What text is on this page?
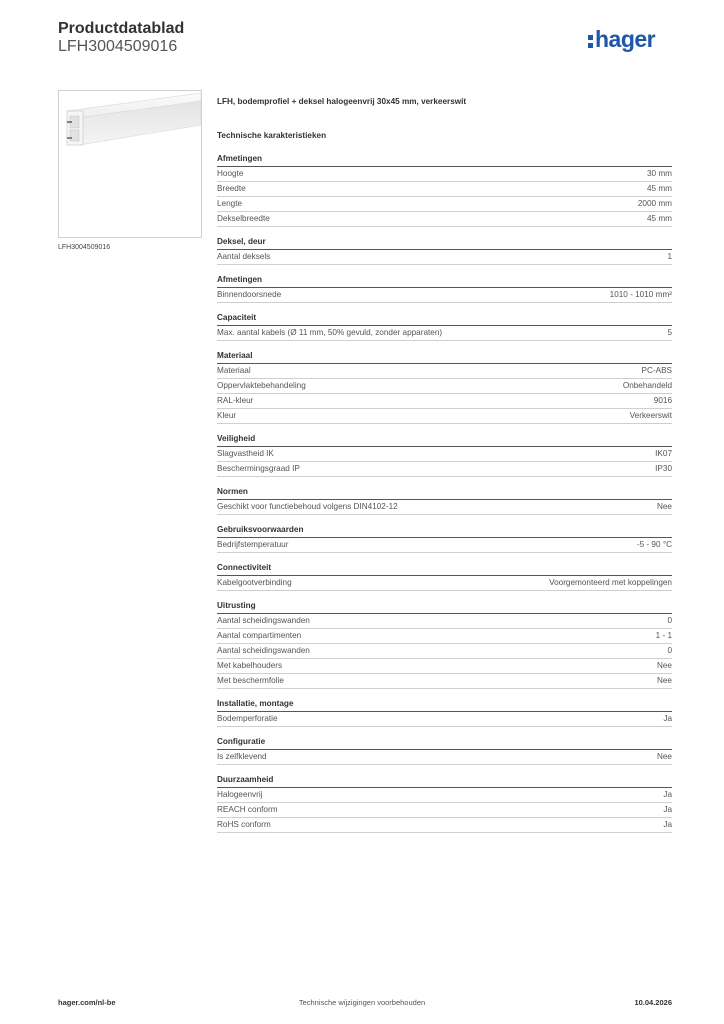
Productdatablad
LFH3004509016	hager
LFH3004509016
LFH, bodemprofiel + deksel halogeenvrij 30x45 mm, verkeerswit
Technische karakteristieken
Afmetingen
Hoogte	30 mm
Breedte	45 mm
Lengte	2000 mm
Dekselbreedte	45 mm
Deksel, deur
Aantal deksels	1
Afmetingen
Binnendoorsnede	1010 - 1010 mm²
Capaciteit
Max. aantal kabels (Ø 11 mm, 50% gevuld, zonder apparaten)	5
Materiaal
Materiaal	PC-ABS
Oppervlaktebehandeling	Onbehandeld
RAL-kleur	9016
Kleur	Verkeerswit
Veiligheid
Slagvastheid IK	IK07
Beschermingsgraad IP	IP30
Normen
Geschikt voor functiebehoud volgens DIN4102-12	Nee
Gebruiksvoorwaarden
Bedrijfstemperatuur	-5 - 90 °C
Connectiviteit
Kabelgootverbinding	Voorgemonteerd met koppelingen
Uitrusting
Aantal scheidingswanden	0
Aantal compartimenten	1 - 1
Aantal scheidingswanden	0
Met kabelhouders	Nee
Met beschermfolie	Nee
Installatie, montage
Bodemperforatie	Ja
Configuratie
Is zelfklevend	Nee
Duurzaamheid
Halogeenvrij	Ja
REACH conform	Ja
RoHS conform	Ja
hager.com/nl-be	Technische wijzigingen voorbehouden	10.04.2026
